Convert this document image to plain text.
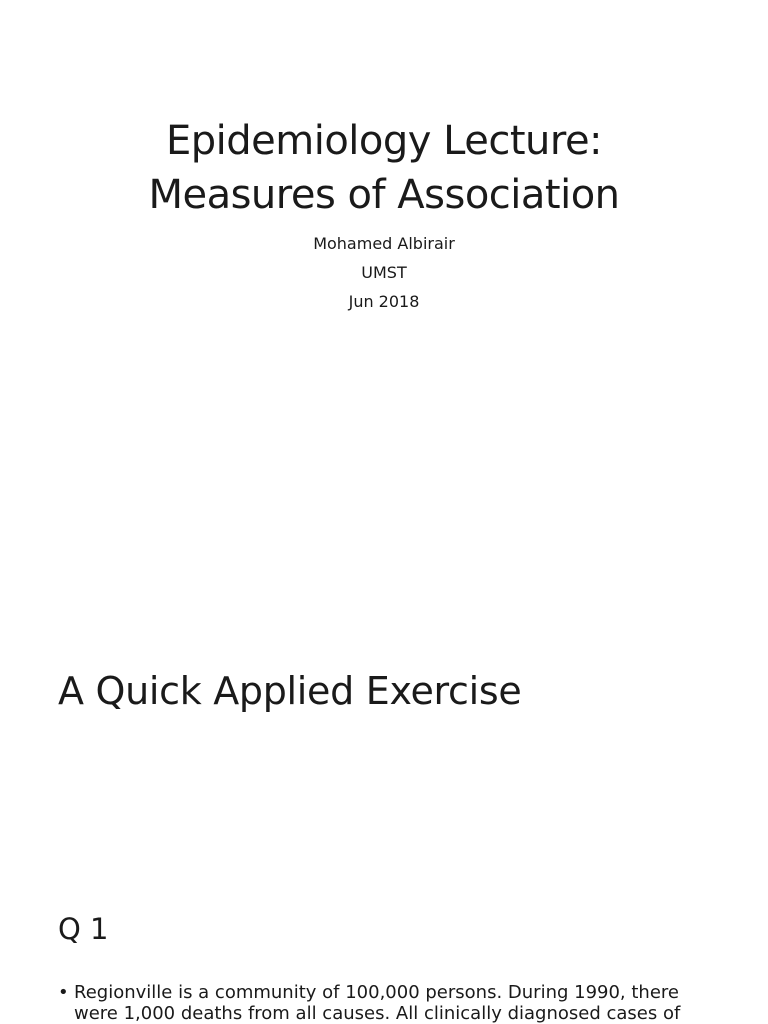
Epidemiology Lecture:
Measures of Association
Mohamed Albirair
UMST
Jun 2018
A Quick Applied Exercise
Q 1
• Regionville is a community of 100,000 persons. During 1990, there
were 1,000 deaths from all causes. All clinically diagnosed cases of
